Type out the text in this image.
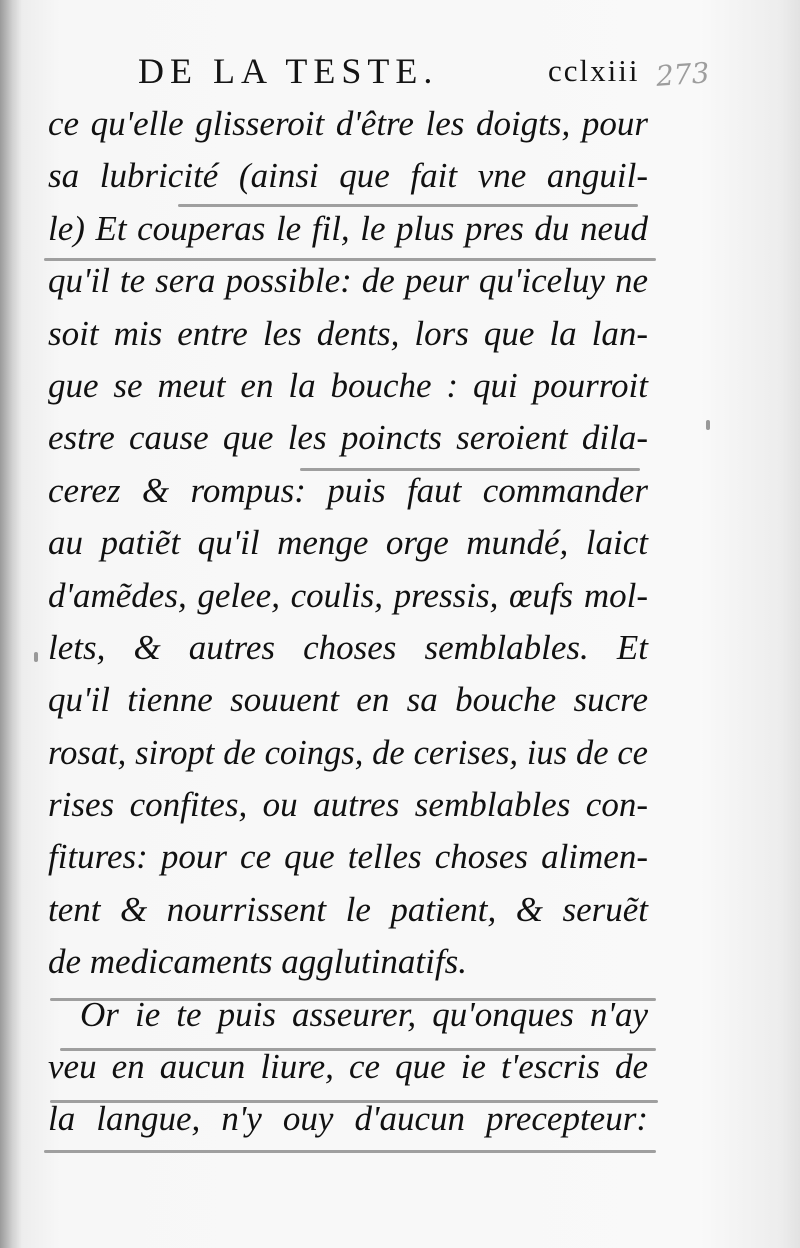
DE LA TESTE.	cclxiii 273
ce qu'elle glisseroit d'être les doigts, pour
sa lubricité (ainsi que fait vne anguil-
le) Et couperas le fil, le plus pres du neud
qu'il te sera possible: de peur qu'iceluy ne
soit mis entre les dents, lors que la lan-
gue se meut en la bouche : qui pourroit
estre cause que les poincts seroient dila-
cerez & rompus: puis faut commander
au patiẽt qu'il menge orge mundé, laict
d'amẽdes, gelee, coulis, pressis, œufs mol-
lets, & autres choses semblables. Et
qu'il tienne souuent en sa bouche sucre
rosat, siropt de coings, de cerises, ius de ce
rises confites, ou autres semblables con-
fitures: pour ce que telles choses alimen-
tent & nourrissent le patient, & seruẽt
de medicaments agglutinatifs.
Or ie te puis asseurer, qu'onques n'ay
veu en aucun liure, ce que ie t'escris de
la langue, n'y ouy d'aucun precepteur:
